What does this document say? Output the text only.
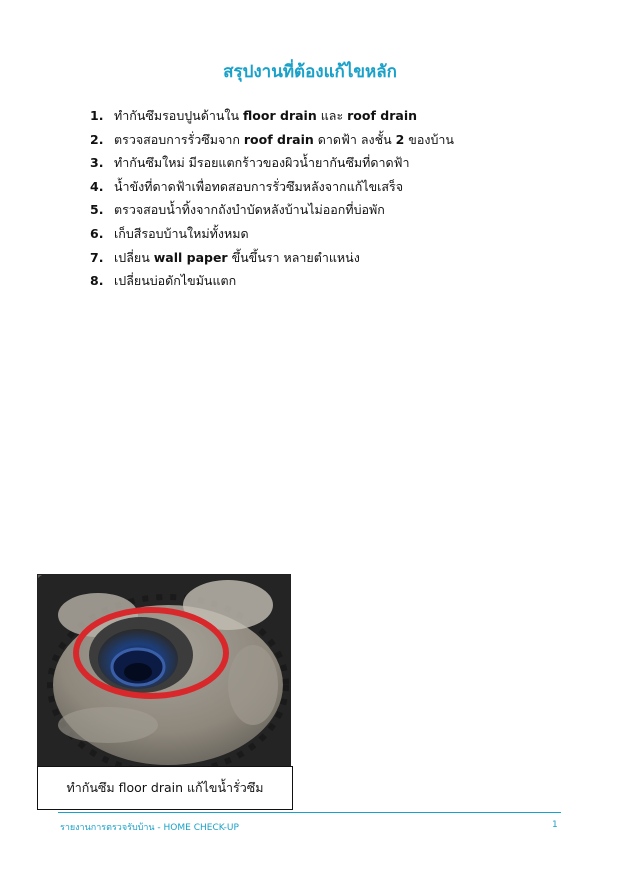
สรุปงานที่ต้องแก้ไขหลัก
1. ทำกันซึมรอบปูนด้านใน floor drain และ roof drain
2. ตรวจสอบการรั่วซึมจาก roof drain ดาดฟ้า ลงชั้น 2 ของบ้าน
3. ทำกันซึมใหม่ มีรอยแตกร้าวของผิวน้ำยากันซึมที่ดาดฟ้า
4. น้ำขังที่ดาดฟ้าเพื่อทดสอบการรั่วซึมหลังจากแก้ไขเสร็จ
5. ตรวจสอบน้ำทิ้งจากถังบำบัดหลังบ้านไม่ออกที่บ่อพัก
6. เก็บสีรอบบ้านใหม่ทั้งหมด
7. เปลี่ยน wall paper ขึ้นขึ้นรา หลายตำแหน่ง
8. เปลี่ยนบ่อดักไขมันแตก
ทำกันซึม floor drain แก้ไขน้ำรั่วซึม
รายงานการตรวจรับบ้าน - HOME CHECK-UP	1
